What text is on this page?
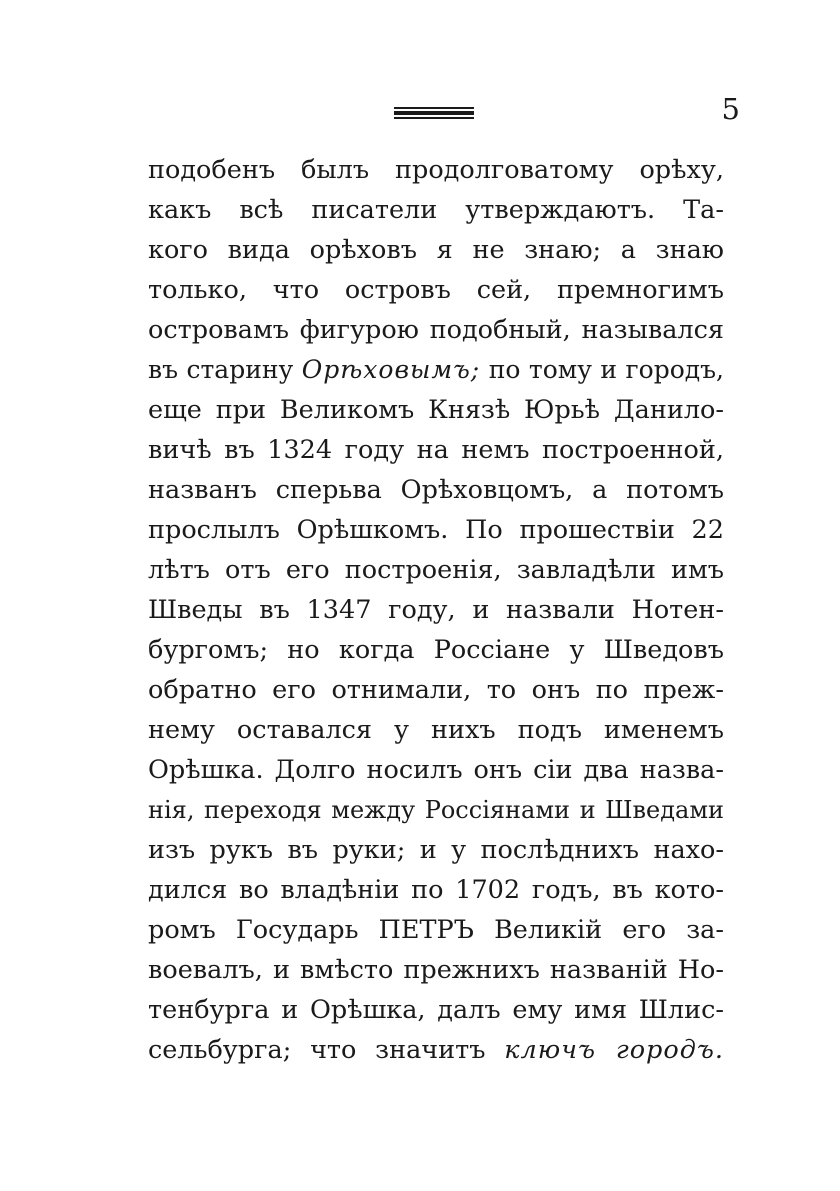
5
подобенъ былъ продолговатому орѣху,
какъ всѣ писатели утверждаютъ. Та-
кого вида орѣховъ я не знаю; а знаю
только, что островъ сей, премногимъ
островамъ фигурою подобный, назывался
въ старину Орѣховымъ; по тому и городъ,
еще при Великомъ Князѣ Юрьѣ Данило-
вичѣ въ 1324 году на немъ построенной,
названъ сперьва Орѣховцомъ, а потомъ
прослылъ Орѣшкомъ. По прошествіи 22
лѣтъ отъ его построенія, завладѣли имъ
Шведы въ 1347 году, и назвали Нотен-
бургомъ; но когда Россіане у Шведовъ
обратно его отнимали, то онъ по преж-
нему оставался у нихъ подъ именемъ
Орѣшка. Долго носилъ онъ сіи два назва-
нія, переходя между Россіянами и Шведами
изъ рукъ въ руки; и у послѣднихъ нахо-
дился во владѣніи по 1702 годъ, въ кото-
ромъ Государь ПЕТРЪ Великій его за-
воевалъ, и вмѣсто прежнихъ названій Но-
тенбурга и Орѣшка, далъ ему имя Шлис-
сельбурга; что значитъ ключъ городъ.
